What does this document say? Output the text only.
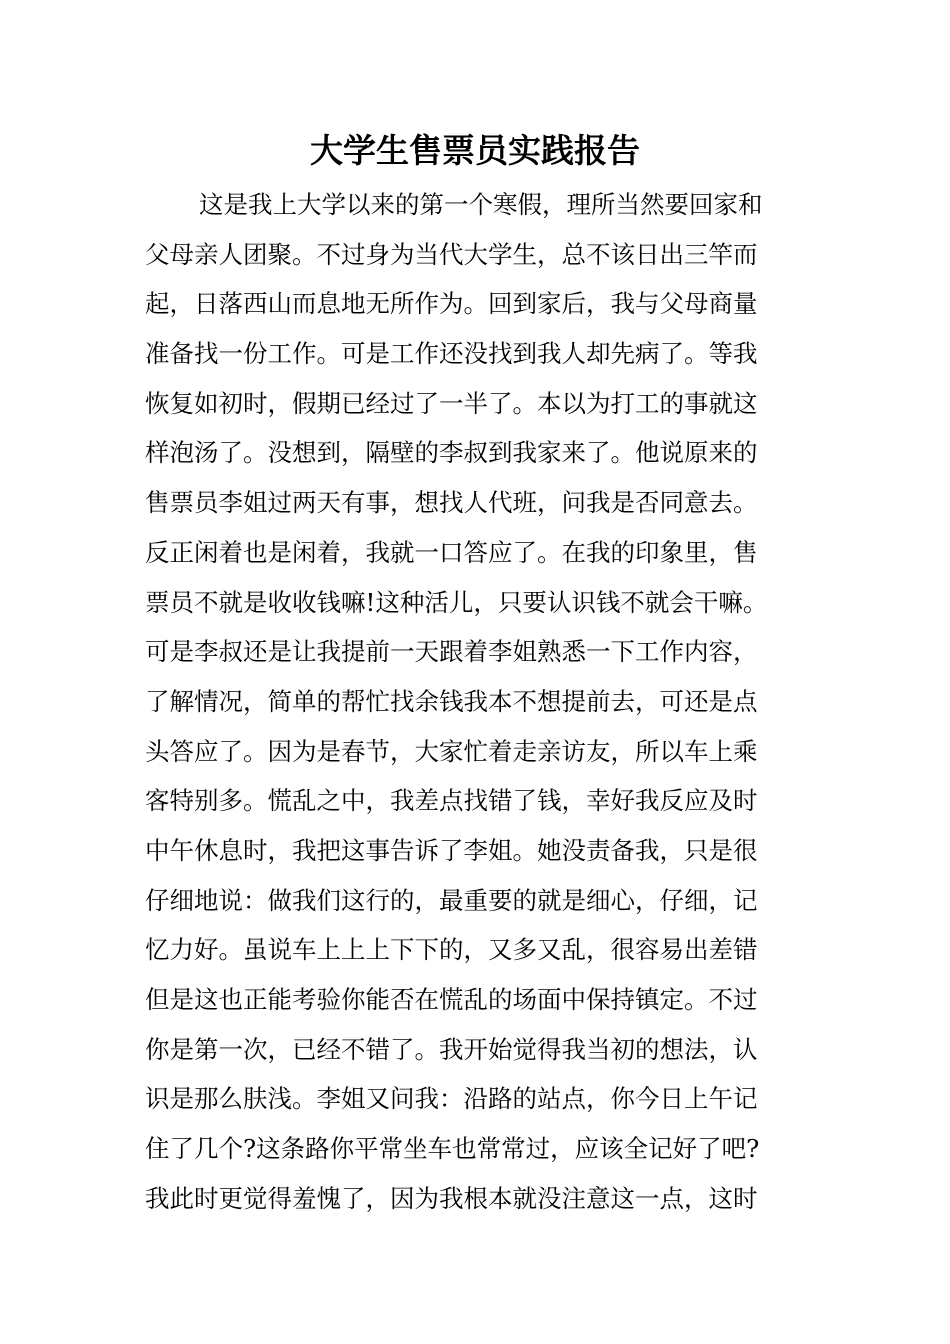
大学生售票员实践报告
这是我上大学以来的第一个寒假，理所当然要回家和
父母亲人团聚。不过身为当代大学生，总不该日出三竿而
起，日落西山而息地无所作为。回到家后，我与父母商量
准备找一份工作。可是工作还没找到我人却先病了。等我
恢复如初时，假期已经过了一半了。本以为打工的事就这
样泡汤了。没想到，隔壁的李叔到我家来了。他说原来的
售票员李姐过两天有事，想找人代班，问我是否同意去。
反正闲着也是闲着，我就一口答应了。在我的印象里，售
票员不就是收收钱嘛!这种活儿，只要认识钱不就会干嘛。
可是李叔还是让我提前一天跟着李姐熟悉一下工作内容，
了解情况，简单的帮忙找余钱我本不想提前去，可还是点
头答应了。因为是春节，大家忙着走亲访友，所以车上乘
客特别多。慌乱之中，我差点找错了钱，幸好我反应及时
中午休息时，我把这事告诉了李姐。她没责备我，只是很
仔细地说：做我们这行的，最重要的就是细心，仔细，记
忆力好。虽说车上上上下下的，又多又乱，很容易出差错
但是这也正能考验你能否在慌乱的场面中保持镇定。不过
你是第一次，已经不错了。我开始觉得我当初的想法，认
识是那么肤浅。李姐又问我：沿路的站点，你今日上午记
住了几个?这条路你平常坐车也常常过，应该全记好了吧?
我此时更觉得羞愧了，因为我根本就没注意这一点，这时
